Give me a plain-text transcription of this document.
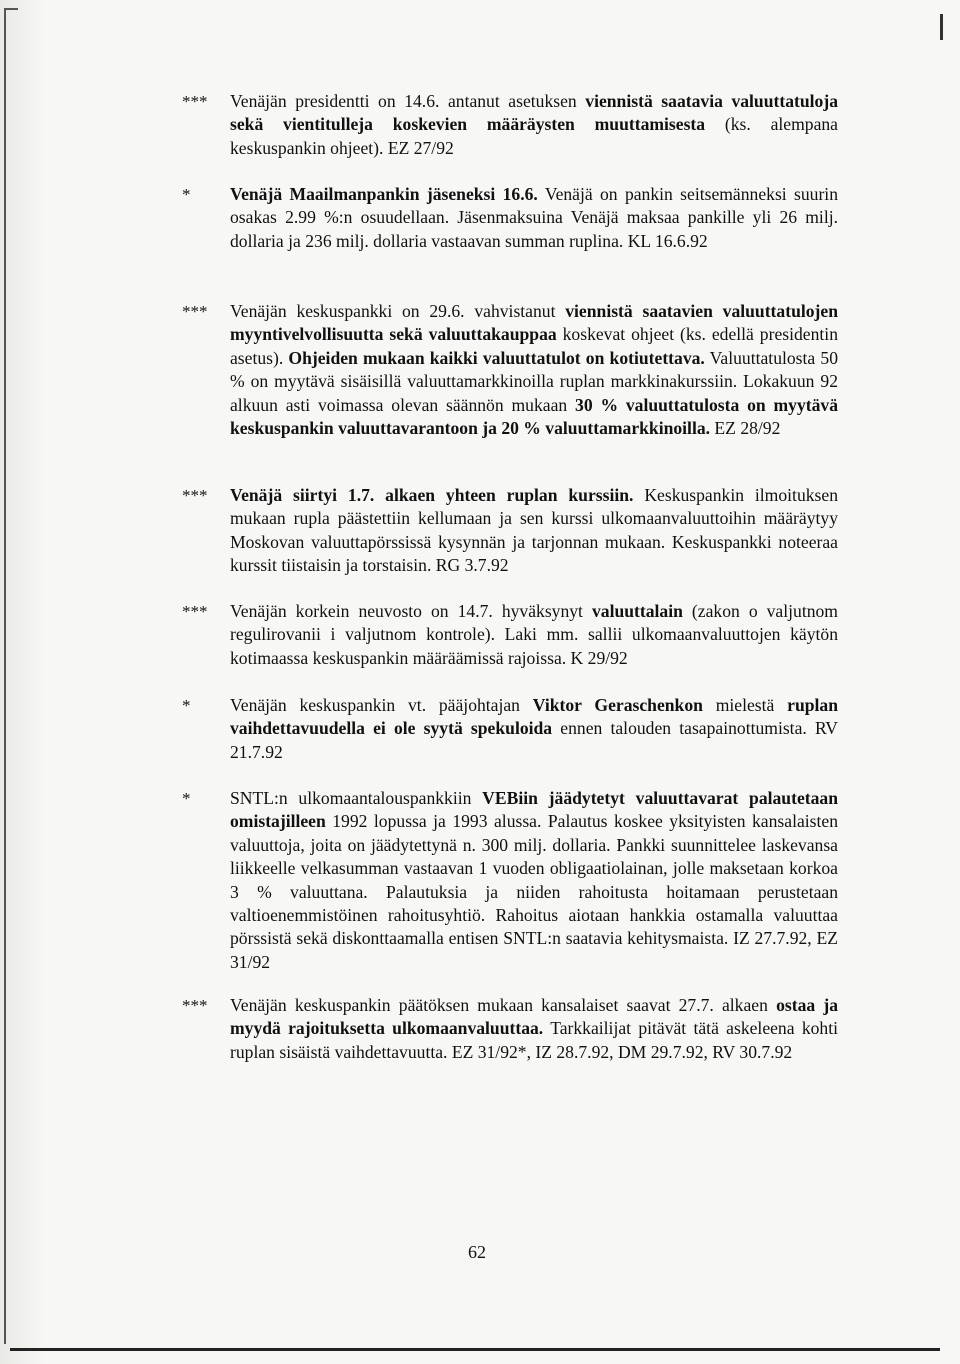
***	Venäjän presidentti on 14.6. antanut asetuksen viennistä saatavia valuuttatuloja sekä vientitulleja koskevien määräysten muuttamisesta (ks. alempana keskuspankin ohjeet). EZ 27/92
*	Venäjä Maailmanpankin jäseneksi 16.6. Venäjä on pankin seitsemänneksi suurin osakas 2.99 %:n osuudellaan. Jäsenmaksuina Venäjä maksaa pankille yli 26 milj. dollaria ja 236 milj. dollaria vastaavan summan ruplina. KL 16.6.92
***	Venäjän keskuspankki on 29.6. vahvistanut viennistä saatavien valuuttatulojen myyntivelvollisuutta sekä valuuttakauppaa koskevat ohjeet (ks. edellä presidentin asetus). Ohjeiden mukaan kaikki valuuttatulot on kotiutettava. Valuuttatulosta 50 % on myytävä sisäisillä valuuttamarkkinoilla ruplan markkinakurssiin. Lokakuun 92 alkuun asti voimassa olevan säännön mukaan 30 % valuuttatulosta on myytävä keskuspankin valuuttavarantoon ja 20 % valuuttamarkkinoilla. EZ 28/92
***	Venäjä siirtyi 1.7. alkaen yhteen ruplan kurssiin. Keskuspankin ilmoituksen mukaan rupla päästettiin kellumaan ja sen kurssi ulkomaanvaluuttoihin määräytyy Moskovan valuuttapörssissä kysynnän ja tarjonnan mukaan. Keskuspankki noteeraa kurssit tiistaisin ja torstaisin. RG 3.7.92
***	Venäjän korkein neuvosto on 14.7. hyväksynyt valuuttalain (zakon o valjutnom regulirovanii i valjutnom kontrole). Laki mm. sallii ulkomaanvaluuttojen käytön kotimaassa keskuspankin määräämissä rajoissa. K 29/92
*	Venäjän keskuspankin vt. pääjohtajan Viktor Geraschenkon mielestä ruplan vaihdettavuudella ei ole syytä spekuloida ennen talouden tasapainottumista. RV 21.7.92
*	SNTL:n ulkomaantalouspankkiin VEBiin jäädytetyt valuuttavarat palautetaan omistajilleen 1992 lopussa ja 1993 alussa. Palautus koskee yksityisten kansalaisten valuuttoja, joita on jäädytettynä n. 300 milj. dollaria. Pankki suunnittelee laskevansa liikkeelle velkasumman vastaavan 1 vuoden obligaatiolainan, jolle maksetaan korkoa 3 % valuuttana. Palautuksia ja niiden rahoitusta hoitamaan perustetaan valtioenemmistöinen rahoitusyhtiö. Rahoitus aiotaan hankkia ostamalla valuuttaa pörssistä sekä diskonttaamalla entisen SNTL:n saatavia kehitysmaista. IZ 27.7.92, EZ 31/92
***	Venäjän keskuspankin päätöksen mukaan kansalaiset saavat 27.7. alkaen ostaa ja myydä rajoituksetta ulkomaanvaluuttaa. Tarkkailijat pitävät tätä askeleena kohti ruplan sisäistä vaihdettavuutta. EZ 31/92*, IZ 28.7.92, DM 29.7.92, RV 30.7.92
62
